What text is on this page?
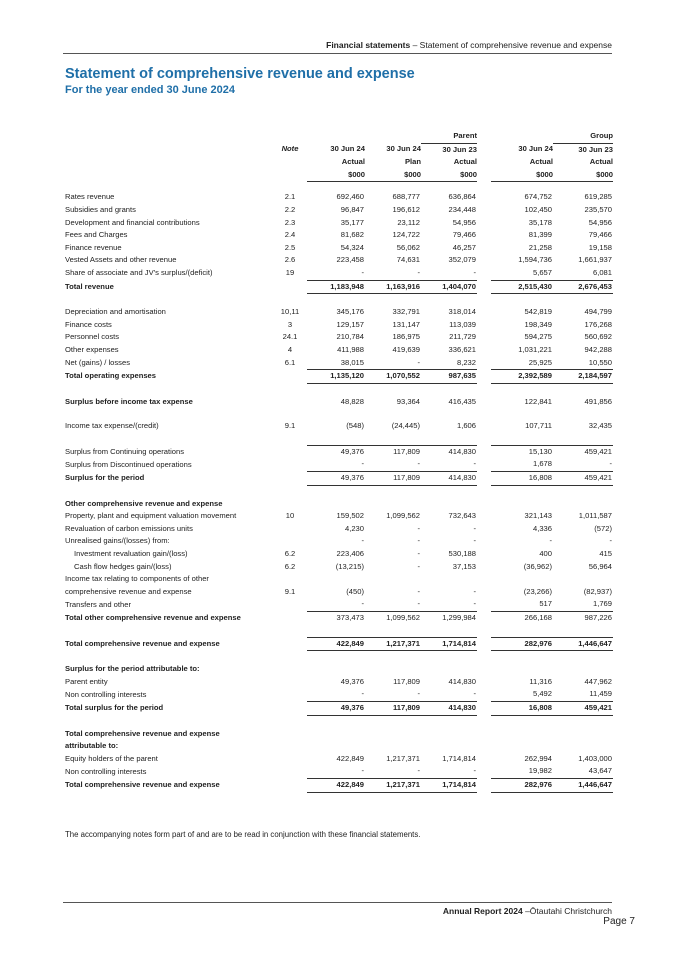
Financial statements – Statement of comprehensive revenue and expense
Statement of comprehensive revenue and expense
For the year ended 30 June 2024
				Parent			Group
	Note	30 Jun 24	30 Jun 24	30 Jun 23		30 Jun 24	30 Jun 23
		Actual	Plan	Actual		Actual	Actual
		$000	$000	$000		$000	$000

Rates revenue	2.1	692,460	688,777	636,864		674,752	619,285
Subsidies and grants	2.2	96,847	196,612	234,448		102,450	235,570
Development and financial contributions	2.3	35,177	23,112	54,956		35,178	54,956
Fees and Charges	2.4	81,682	124,722	79,466		81,399	79,466
Finance revenue	2.5	54,324	56,062	46,257		21,258	19,158
Vested Assets and other revenue	2.6	223,458	74,631	352,079		1,594,736	1,661,937
Share of associate and JV's surplus/(deficit)	19	-	-	-		5,657	6,081
Total revenue		1,183,948	1,163,916	1,404,070		2,515,430	2,676,453

Depreciation and amortisation	10,11	345,176	332,791	318,014		542,819	494,799
Finance costs	3	129,157	131,147	113,039		198,349	176,268
Personnel costs	24.1	210,784	186,975	211,729		594,275	560,692
Other expenses	4	411,988	419,639	336,621		1,031,221	942,288
Net (gains) / losses	6.1	38,015	-	8,232		25,925	10,550
Total operating expenses		1,135,120	1,070,552	987,635		2,392,589	2,184,597

Surplus before income tax expense		48,828	93,364	416,435		122,841	491,856

Income tax expense/(credit)	9.1	(548)	(24,445)	1,606		107,711	32,435

Surplus from Continuing operations		49,376	117,809	414,830		15,130	459,421
Surplus from Discontinued operations		-	-	-		1,678	-
Surplus for the period		49,376	117,809	414,830		16,808	459,421

Other comprehensive revenue and expense							
Property, plant and equipment valuation movement	10	159,502	1,099,562	732,643		321,143	1,011,587
Revaluation of carbon emissions units		4,230	-	-		4,336	(572)
Unrealised gains/(losses) from:		-	-	-		-	-
Investment revaluation gain/(loss)	6.2	223,406	-	530,188		400	415
Cash flow hedges gain/(loss)	6.2	(13,215)	-	37,153		(36,962)	56,964
Income tax relating to components of other							
comprehensive revenue and expense	9.1	(450)	-	-		(23,266)	(82,937)
Transfers and other		-	-	-		517	1,769
Total other comprehensive revenue and expense		373,473	1,099,562	1,299,984		266,168	987,226

Total comprehensive revenue and expense		422,849	1,217,371	1,714,814		282,976	1,446,647

Surplus for the period attributable to:							
Parent entity		49,376	117,809	414,830		11,316	447,962
Non controlling interests		-	-	-		5,492	11,459
Total surplus for the period		49,376	117,809	414,830		16,808	459,421

Total comprehensive revenue and expense							
attributable to:							
Equity holders of the parent		422,849	1,217,371	1,714,814		262,994	1,403,000
Non controlling interests		-	-	-		19,982	43,647
Total comprehensive revenue and expense		422,849	1,217,371	1,714,814		282,976	1,446,647
The accompanying notes form part of and are to be read in conjunction with these financial statements.
Annual Report 2024 –Ōtautahi Christchurch
Page 7
